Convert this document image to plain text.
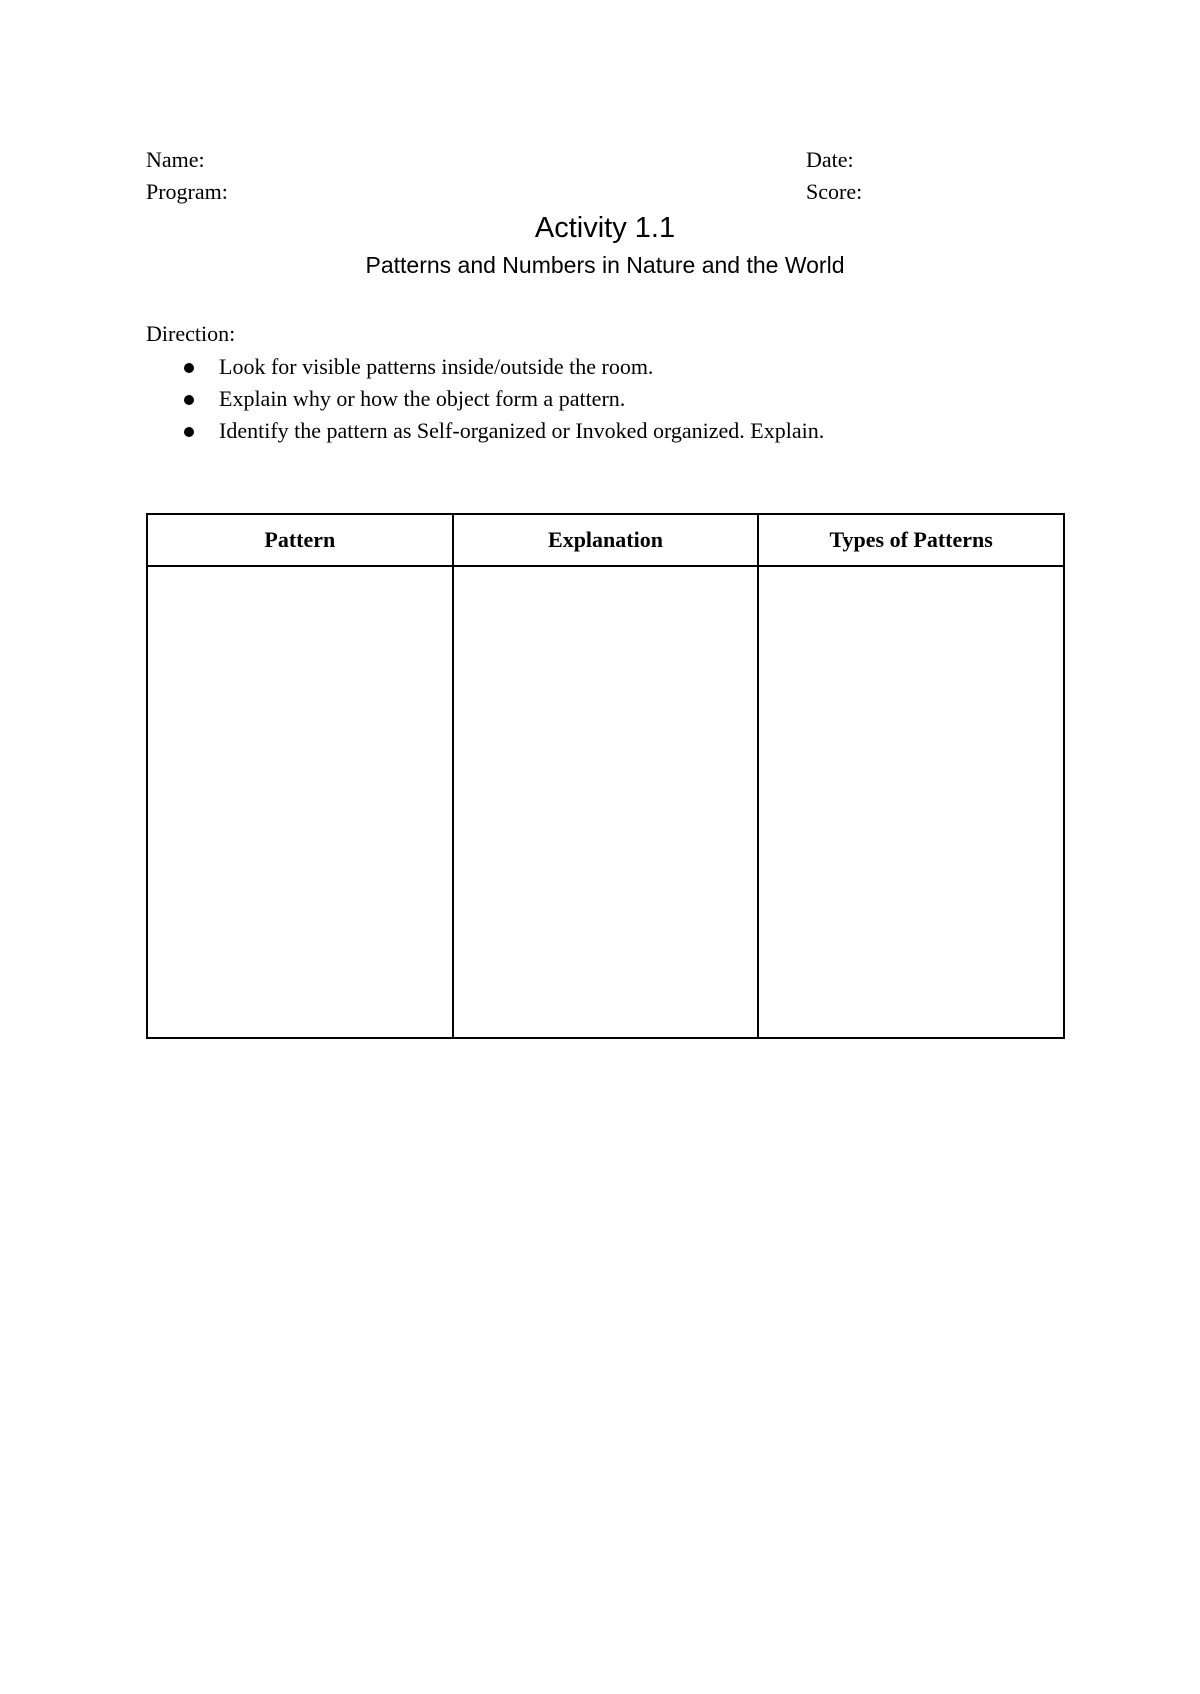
Name:
Program:
Date:
Score:
Activity 1.1
Patterns and Numbers in Nature and the World
Direction:
Look for visible patterns inside/outside the room.
Explain why or how the object form a pattern.
Identify the pattern as Self-organized or Invoked organized. Explain.
Pattern	Explanation	Types of Patterns
